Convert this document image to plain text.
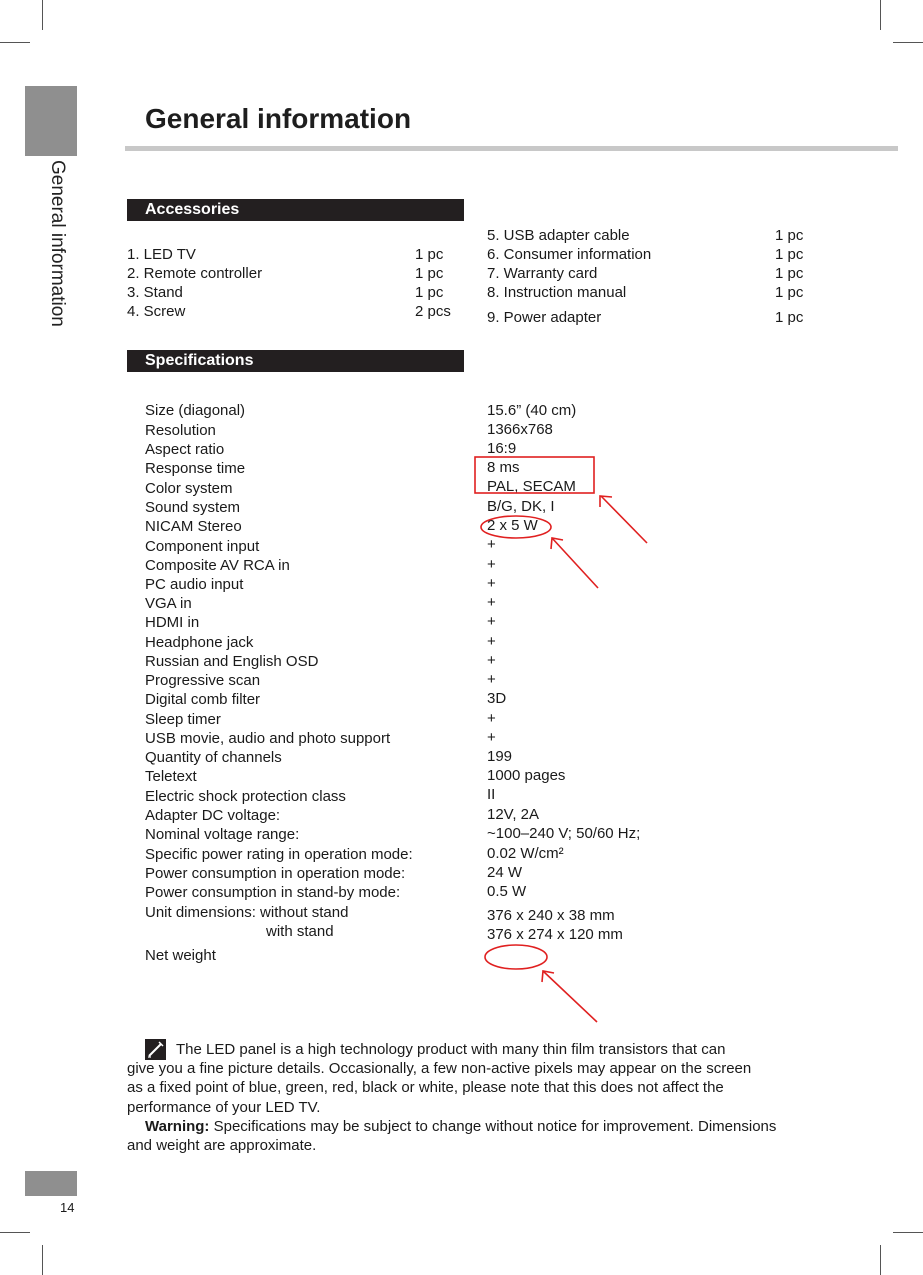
General information
General information
Accessories
1. LED TV	1 pc
2. Remote controller	1 pc
3. Stand	1 pc
4. Screw	2 pcs
5. USB adapter cable	1 pc
6. Consumer information	1 pc
7. Warranty card	1 pc
8. Instruction manual	1 pc
9. Power adapter	1 pc
Specifications
Size (diagonal)	15.6” (40 cm)
Resolution	1366x768
Aspect ratio	16:9
Response time	8 ms
Color system	PAL, SECAM
Sound system	B/G, DK, I
NICAM Stereo	2 x 5 W
Component input	+
Composite AV RCA in	+
PC audio input	+
VGA in	+
HDMI in	+
Headphone jack	+
Russian and English OSD	+
Progressive scan	+
Digital comb filter	3D
Sleep timer	+
USB movie, audio and photo support	+
Quantity of channels	199
Teletext	1000 pages
Electric shock protection class	II
Adapter DC voltage:	12V, 2A
Nominal voltage range:	~100–240 V; 50/60 Hz;
Specific power rating in operation mode:	0.02 W/cm²
Power consumption in operation mode:	24 W
Power consumption in stand-by mode:	0.5 W
Unit dimensions: without stand	376 x 240 x 38 mm
with stand	376 x 274 x 120 mm
Net weight
The LED panel is a high technology product with many thin film transistors that can
give you a fine picture details. Occasionally, a few non-active pixels may appear on the screen
as a fixed point of blue, green, red, black or white, please note that this does not affect the
performance of your LED TV.
Warning: Specifications may be subject to change without notice for improvement. Dimensions
and weight are approximate.
14
